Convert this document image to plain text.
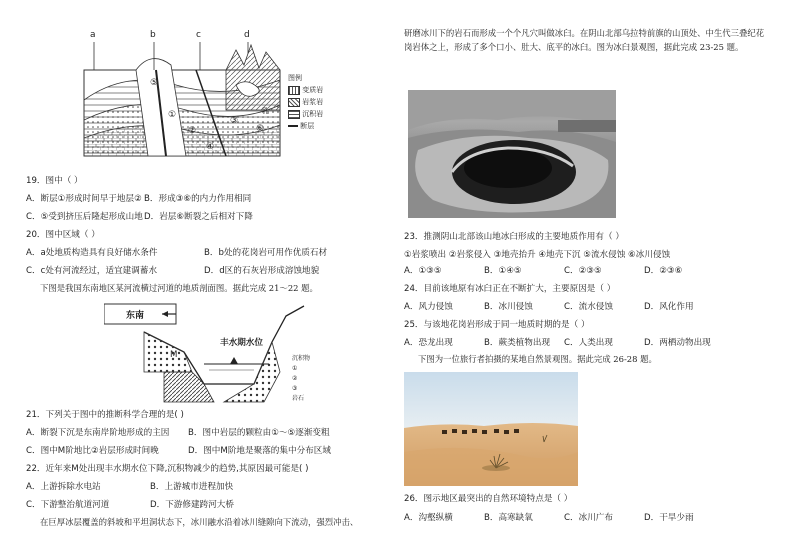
a	b	c	d
⑤
①
②
③
④
⑥
乳
图例
变质岩
岩浆岩
沉积岩
断层
19．图中（ ）
A．断层①形成时间早于地层② B．形成③⑥的内力作用相同
C．⑤受到挤压后隆起形成山地 D．岩层⑥断裂之后相对下降
20．图中区域（ ）
A．a处地质构造具有良好储水条件	B．b处的花岗岩可用作优质石材
C．c处有河流经过，适宜建调蓄水	D．d区的石灰岩形成溶蚀地貌
下图是我国东南地区某河流横过河道的地质剖面图。据此完成 21～22 题。
东南
丰水期水位
M	沉积物
①
②
③
岩石
21．下列关于图中的推断科学合理的是( )
A．断裂下沉是东南岸阶地形成的主因 B．图中岩层的颗粒由①～⑤逐渐变粗
C．图中M阶地比②岩层形成时间晚	D．图中M阶地是聚落的集中分布区域
22．近年来M处出现丰水期水位下降,沉积物减少的趋势,其原因最可能是( )
A．上游拆除水电站	B．上游城市进程加快
C．下游整治航道河道	D．下游修建跨河大桥
在巨厚冰层覆盖的斜坡和平坦洞状态下，冰川融水沿着冰川缝隙向下流动，强烈冲击、
研磨冰川下的岩石而形成一个个凡穴叫做冰臼。在阴山北部乌拉特前旗的山顶处、中生代三叠纪花岗岩体之上，形成了多个口小、肚大、底平的冰臼。图为冰臼景观图，据此完成 23-25 题。
23．推测阴山北部该山地冰臼形成的主要地质作用有（ ）
①岩浆喷出 ②岩浆侵入 ③地壳抬升 ④地壳下沉 ⑤流水侵蚀 ⑥冰川侵蚀
A．①③⑤	B．①④⑤	C．②③⑤	D．②③⑥
24．目前该地原有冰臼正在不断扩大，主要原因是（ ）
A．风力侵蚀	B．冰川侵蚀	C．流水侵蚀	D．风化作用
25．与该地花岗岩形成于同一地质时期的是（ ）
A．恐龙出现	B．蕨类植物出现 C．人类出现	D．两栖动物出现
下图为一位旅行者拍摄的某地自然景观图。据此完成 26-28 题。
26．图示地区最突出的自然环境特点是（ ）
A．沟壑纵横	B．高寒缺氧	C．冰川广布	D．干旱少雨
